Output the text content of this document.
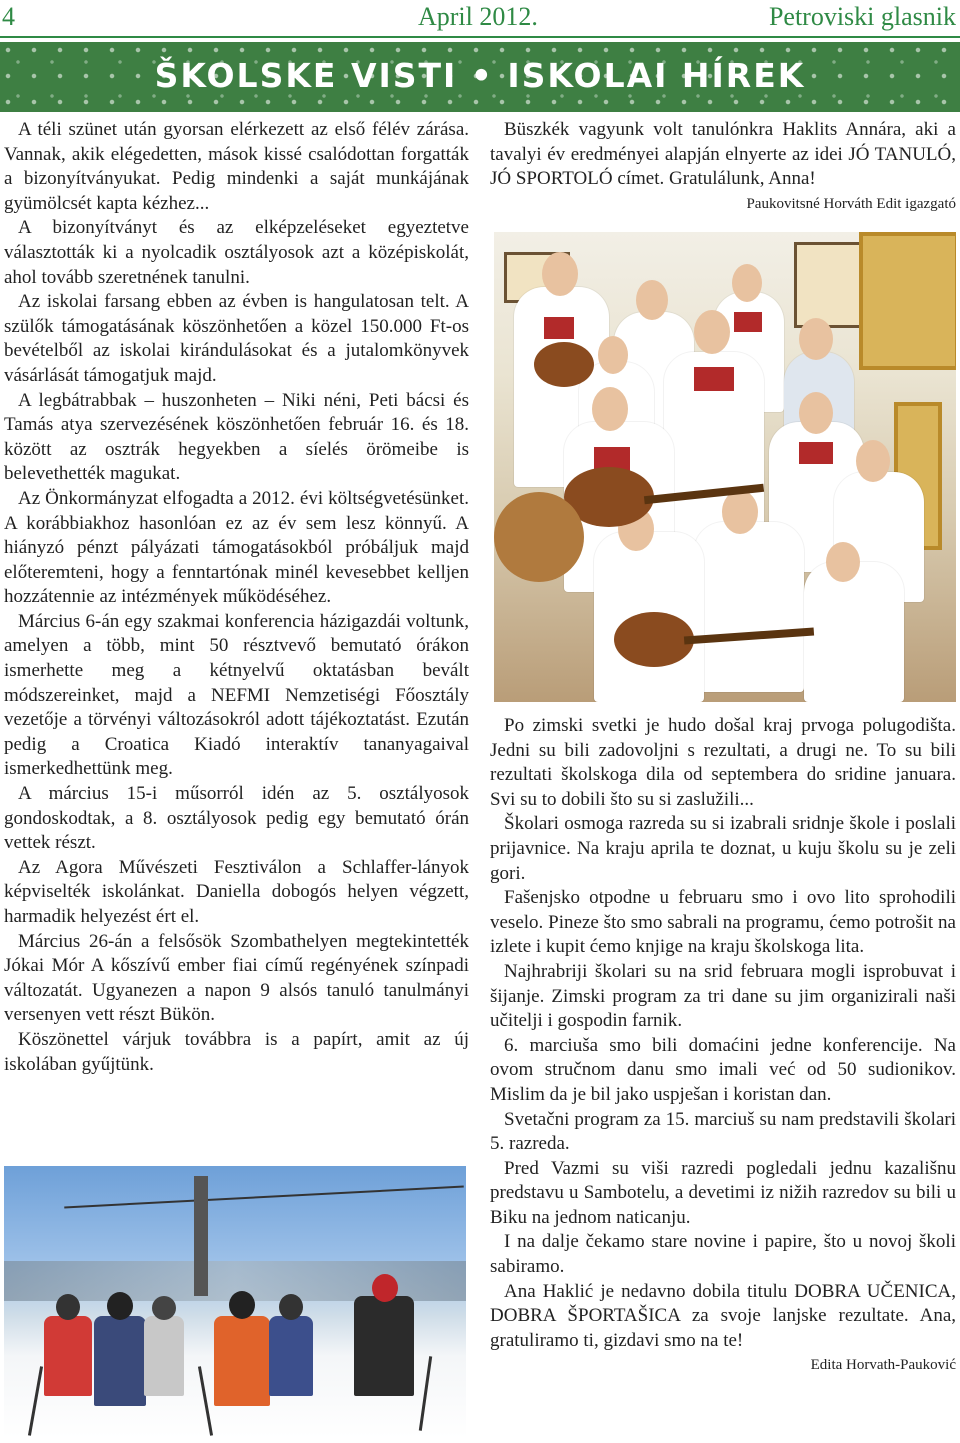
4	April 2012.	Petroviski glasnik
ŠKOLSKE VISTI • ISKOLAI HÍREK

A téli szünet után gyorsan elérkezett az első félév zárása. Vannak, akik elégedetten, mások kissé csalódottan forgatták a bizonyítványukat. Pedig mindenki a saját munkájának gyümölcsét kapta kézhez...

A bizonyítványt és az elképzeléseket egyeztetve választották ki a nyolcadik osztályosok azt a középiskolát, ahol tovább szeretnének tanulni.

Az iskolai farsang ebben az évben is hangulatosan telt. A szülők támogatásának köszönhetően a közel 150.000 Ft-os bevételből az iskolai kirándulásokat és a jutalomkönyvek vásárlását támogatjuk majd.

A legbátrabbak – huszonheten – Niki néni, Peti bácsi és Tamás atya szervezésének köszönhetően február 16. és 18. között az osztrák hegyekben a síelés örömeibe is belevethették magukat.

Az Önkormányzat elfogadta a 2012. évi költségvetésünket. A korábbiakhoz hasonlóan ez az év sem lesz könnyű. A hiányzó pénzt pályázati támogatásokból próbáljuk majd előteremteni, hogy a fenntartónak minél kevesebbet kelljen hozzátennie az intézmények működéséhez.

Március 6-án egy szakmai konferencia házigazdái voltunk, amelyen a több, mint 50 résztvevő bemutató órákon ismerhette meg a kétnyelvű oktatásban bevált módszereinket, majd a NEFMI Nemzetiségi Főosztály vezetője a törvényi változásokról adott tájékoztatást. Ezután pedig a Croatica Kiadó interaktív tananyagaival ismerkedhettünk meg.

A március 15-i műsorról idén az 5. osztályosok gondoskodtak, a 8. osztályosok pedig egy bemutató órán vettek részt.

Az Agora Művészeti Fesztiválon a Schlaffer-lányok képviselték iskolánkat. Daniella dobogós helyen végzett, harmadik helyezést ért el.

Március 26-án a felsősök Szombathelyen megtekintették Jókai Mór A kőszívű ember fiai című regényének színpadi változatát. Ugyanezen a napon 9 alsós tanuló tanulmányi versenyen vett részt Bükön.

Köszönettel várjuk továbbra is a papírt, amit az új iskolában gyűjtünk.

Büszkék vagyunk volt tanulónkra Haklits Annára, aki a tavalyi év eredményei alapján elnyerte az idei JÓ TANULÓ, JÓ SPORTOLÓ címet. Gratulálunk, Anna!

Paukovitsné Horváth Edit igazgató

Po zimski svetki je hudo došal kraj prvoga polugodišta. Jedni su bili zadovoljni s rezultati, a drugi ne. To su bili rezultati školskoga dila od septembera do sridine januara. Svi su to dobili što su si zaslužili...

Školari osmoga razreda su si izabrali sridnje škole i poslali prijavnice. Na kraju aprila te doznat, u kuju školu su je zeli gori.

Fašenjsko otpodne u februaru smo i ovo lito sprohodili veselo. Pineze što smo sabrali na programu, ćemo potrošit na izlete i kupit ćemo knjige na kraju školskoga lita.

Najhrabriji školari su na srid februara mogli isprobuvat i šijanje. Zimski program za tri dane su jim organizirali naši učitelji i gospodin farnik.

6. marciuša smo bili domaćini jedne konferencije. Na ovom stručnom danu smo imali već od 50 sudionikov. Mislim da je bil jako uspješan i koristan dan.

Svetačni program za 15. marciuš su nam predstavili školari 5. razreda.

Pred Vazmi su viši razredi pogledali jednu kazališnu predstavu u Sambotelu, a devetimi iz nižih razredov su bili u Biku na jednom naticanju.

I na dalje čekamo stare novine i papire, što u novoj školi sabiramo.

Ana Haklić je nedavno dobila titulu DOBRA UČENICA, DOBRA ŠPORTAŠICA za svoje lanjske rezultate. Ana, gratuliramo ti, gizdavi smo na te!

Edita Horvath-Pauković
